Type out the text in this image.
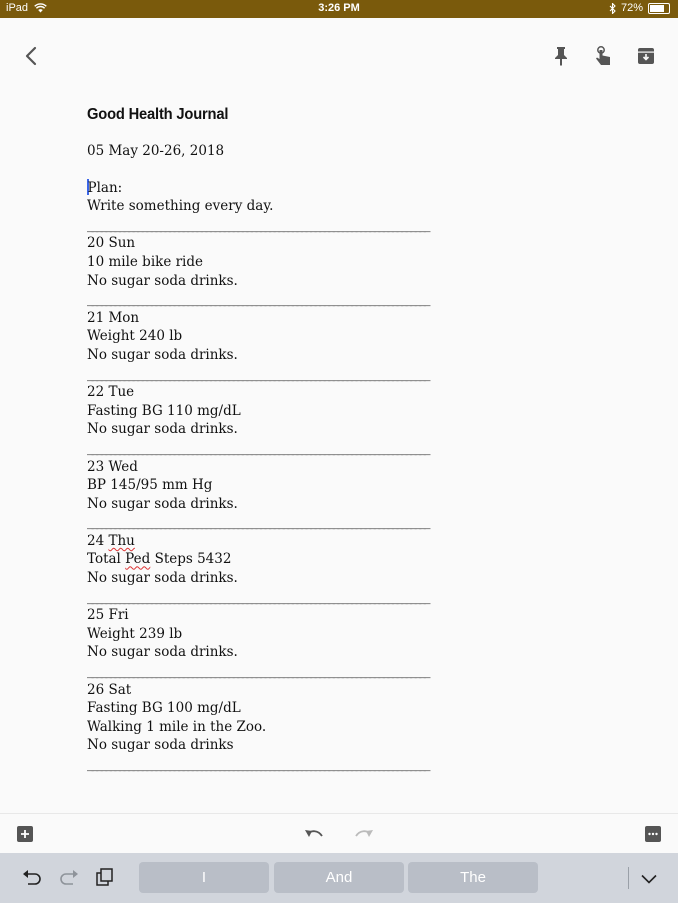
iPad	3:26 PM	72%
Good Health Journal
05 May 20-26, 2018
Plan:
Write something every day.
___________________________________________________________________________
20 Sun
10 mile bike ride
No sugar soda drinks.
___________________________________________________________________________
21 Mon
Weight 240 lb
No sugar soda drinks.
___________________________________________________________________________
22 Tue
Fasting BG 110 mg/dL
No sugar soda drinks.
___________________________________________________________________________
23 Wed
BP 145/95 mm Hg
No sugar soda drinks.
___________________________________________________________________________
24 Thu
Total Ped Steps 5432
No sugar soda drinks.
___________________________________________________________________________
25 Fri
Weight 239 lb
No sugar soda drinks.
___________________________________________________________________________
26 Sat
Fasting BG 100 mg/dL
Walking 1 mile in the Zoo.
No sugar soda drinks
___________________________________________________________________________
I	And	The
